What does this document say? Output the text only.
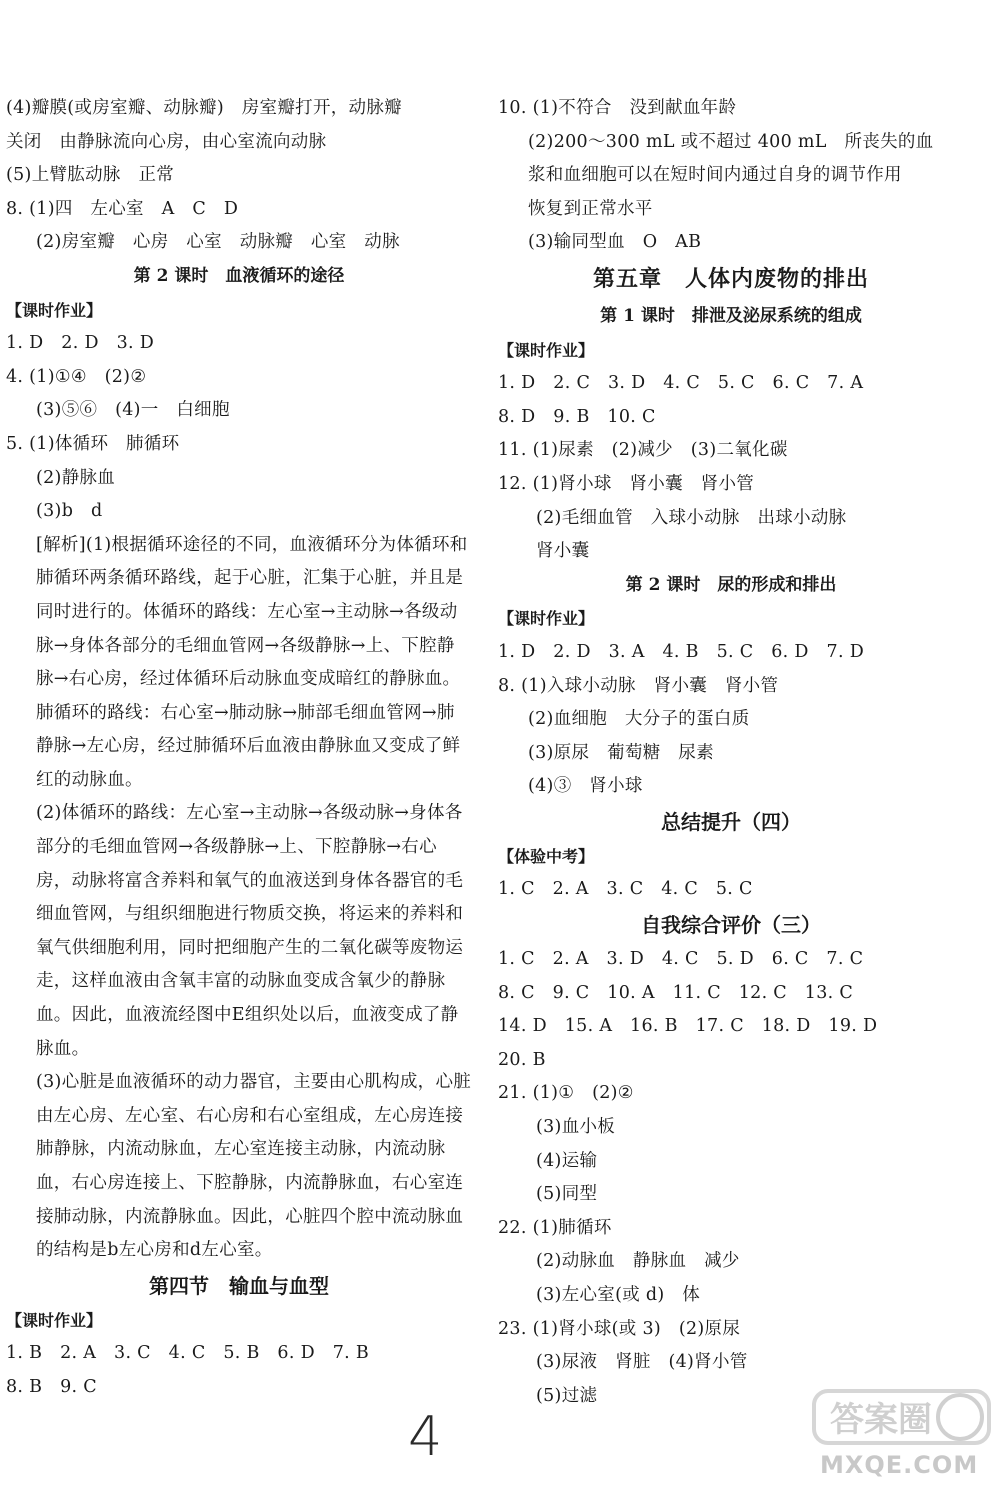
(4)瓣膜(或房室瓣、动脉瓣)　房室瓣打开，动脉瓣
关闭　由静脉流向心房，由心室流向动脉
(5)上臂肱动脉　正常
8. (1)四　左心室　A　C　D
(2)房室瓣　心房　心室　动脉瓣　心室　动脉
第 2 课时　血液循环的途径
【课时作业】
1. D　2. D　3. D
4. (1)①④　(2)②
(3)⑤⑥　(4)一　白细胞
5. (1)体循环　肺循环
(2)静脉血
(3)b　d

[解析](1)根据循环途径的不同，血液循环分为体循环和肺循环两条循环路线，起于心脏，汇集于心脏，并且是同时进行的。体循环的路线：左心室→主动脉→各级动脉→身体各部分的毛细血管网→各级静脉→上、下腔静脉→右心房，经过体循环后动脉血变成暗红的静脉血。肺循环的路线：右心室→肺动脉→肺部毛细血管网→肺静脉→左心房，经过肺循环后血液由静脉血又变成了鲜红的动脉血。

(2)体循环的路线：左心室→主动脉→各级动脉→身体各部分的毛细血管网→各级静脉→上、下腔静脉→右心房，动脉将富含养料和氧气的血液送到身体各器官的毛细血管网，与组织细胞进行物质交换，将运来的养料和氧气供细胞利用，同时把细胞产生的二氧化碳等废物运走，这样血液由含氧丰富的动脉血变成含氧少的静脉血。因此，血液流经图中E组织处以后，血液变成了静脉血。

(3)心脏是血液循环的动力器官，主要由心肌构成，心脏由左心房、左心室、右心房和右心室组成，左心房连接肺静脉，内流动脉血，左心室连接主动脉，内流动脉血，右心房连接上、下腔静脉，内流静脉血，右心室连接肺动脉，内流静脉血。因此，心脏四个腔中流动脉血的结构是b左心房和d左心室。

第四节　输血与血型
【课时作业】
1. B　2. A　3. C　4. C　5. B　6. D　7. B
8. B　9. C
10. (1)不符合　没到献血年龄
(2)200～300 mL 或不超过 400 mL　所丧失的血
浆和血细胞可以在短时间内通过自身的调节作用
恢复到正常水平
(3)输同型血　O　AB
第五章　人体内废物的排出
第 1 课时　排泄及泌尿系统的组成
【课时作业】
1. D　2. C　3. D　4. C　5. C　6. C　7. A
8. D　9. B　10. C
11. (1)尿素　(2)减少　(3)二氧化碳
12. (1)肾小球　肾小囊　肾小管
(2)毛细血管　入球小动脉　出球小动脉
肾小囊
第 2 课时　尿的形成和排出
【课时作业】
1. D　2. D　3. A　4. B　5. C　6. D　7. D
8. (1)入球小动脉　肾小囊　肾小管
(2)血细胞　大分子的蛋白质
(3)原尿　葡萄糖　尿素
(4)③　肾小球
总结提升（四）
【体验中考】
1. C　2. A　3. C　4. C　5. C
自我综合评价（三）
1. C　2. A　3. D　4. C　5. D　6. C　7. C
8. C　9. C　10. A　11. C　12. C　13. C
14. D　15. A　16. B　17. C　18. D　19. D
20. B
21. (1)①　(2)②
(3)血小板
(4)运输
(5)同型
22. (1)肺循环
(2)动脉血　静脉血　减少
(3)左心室(或 d)　体
23. (1)肾小球(或 3)　(2)原尿
(3)尿液　肾脏　(4)肾小管
(5)过滤
4	答案圈
MXQE.COM
